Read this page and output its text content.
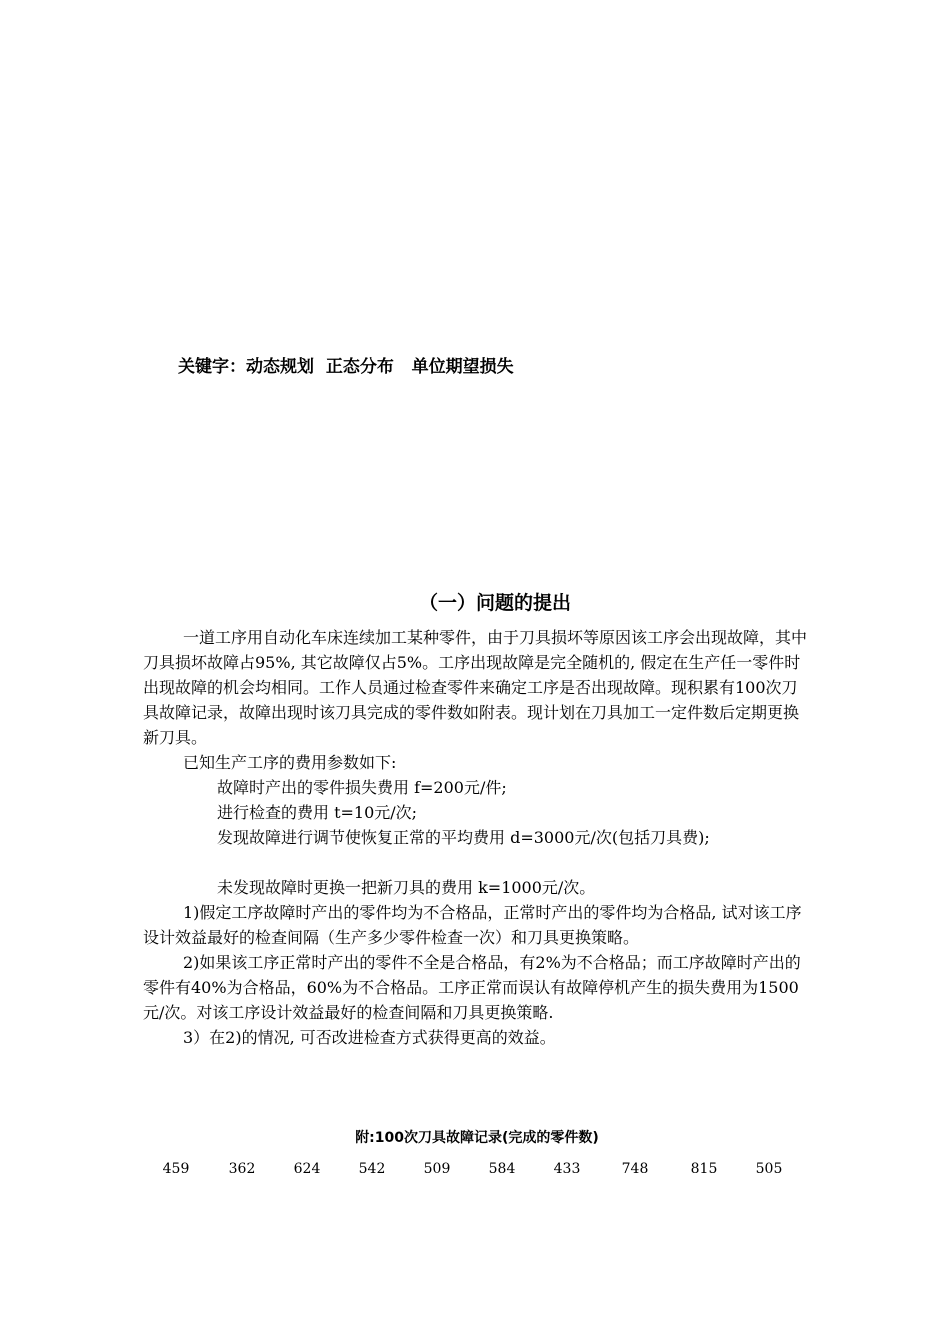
关键字：动态规划  正态分布   单位期望损失
（一）问题的提出

一道工序用自动化车床连续加工某种零件，由于刀具损坏等原因该工序会出现故障，其中刀具损坏故障占95%, 其它故障仅占5%。工序出现故障是完全随机的, 假定在生产任一零件时出现故障的机会均相同。工作人员通过检查零件来确定工序是否出现故障。现积累有100次刀具故障记录，故障出现时该刀具完成的零件数如附表。现计划在刀具加工一定件数后定期更换新刀具。

已知生产工序的费用参数如下:

故障时产出的零件损失费用 f=200元/件;

进行检查的费用 t=10元/次;

发现故障进行调节使恢复正常的平均费用 d=3000元/次(包括刀具费);

未发现故障时更换一把新刀具的费用 k=1000元/次。

1)假定工序故障时产出的零件均为不合格品，正常时产出的零件均为合格品, 试对该工序设计效益最好的检查间隔（生产多少零件检查一次）和刀具更换策略。

2)如果该工序正常时产出的零件不全是合格品，有2%为不合格品；而工序故障时产出的零件有40%为合格品，60%为不合格品。工序正常而误认有故障停机产生的损失费用为1500元/次。对该工序设计效益最好的检查间隔和刀具更换策略.

3）在2)的情况, 可否改进检查方式获得更高的效益。

附:100次刀具故障记录(完成的零件数)
459	362	624	542	509	584	433	748	815	505
